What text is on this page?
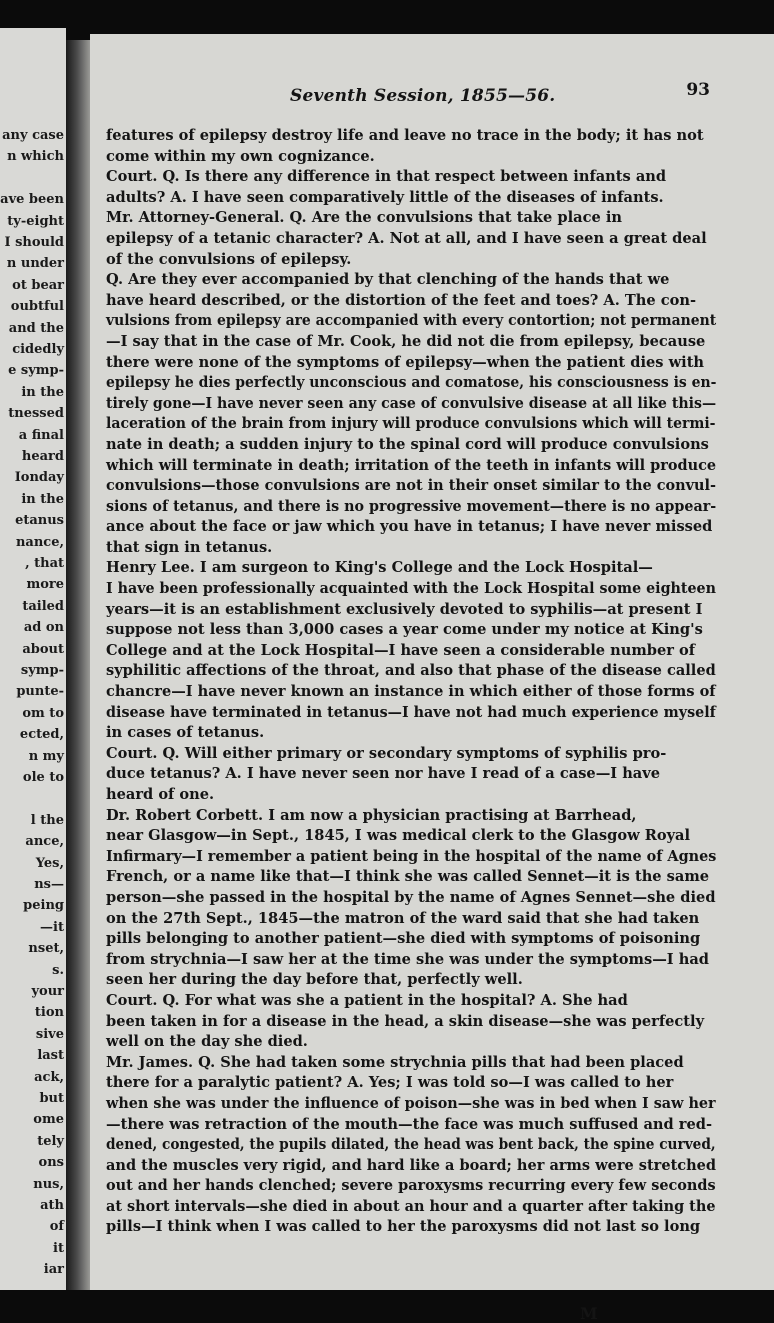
any case
n which
ave been
ty-eight
I should
n under
ot bear
oubtful
and the
cidedly
e symp-
in the
tnessed
a final
heard
Ionday
in the
etanus
nance,
, that
more
tailed
ad on
about
symp-
punte-
om to
ected,
n my
ole to
l the
ance,
Yes,
ns—
peing
—it
nset,
s.
your
tion
sive
last
ack,
but
ome
tely
ons
nus,
ath
of
it
iar
Seventh Session, 1855—56.	93
features of epilepsy destroy life and leave no trace in the body; it has not
come within my own cognizance.
Court. Q. Is there any difference in that respect between infants and
adults? A. I have seen comparatively little of the diseases of infants.
Mr. Attorney-General. Q. Are the convulsions that take place in
epilepsy of a tetanic character? A. Not at all, and I have seen a great deal
of the convulsions of epilepsy.
Q. Are they ever accompanied by that clenching of the hands that we
have heard described, or the distortion of the feet and toes? A. The con-
vulsions from epilepsy are accompanied with every contortion; not permanent
—I say that in the case of Mr. Cook, he did not die from epilepsy, because
there were none of the symptoms of epilepsy—when the patient dies with
epilepsy he dies perfectly unconscious and comatose, his consciousness is en-
tirely gone—I have never seen any case of convulsive disease at all like this—
laceration of the brain from injury will produce convulsions which will termi-
nate in death; a sudden injury to the spinal cord will produce convulsions
which will terminate in death; irritation of the teeth in infants will produce
convulsions—those convulsions are not in their onset similar to the convul-
sions of tetanus, and there is no progressive movement—there is no appear-
ance about the face or jaw which you have in tetanus; I have never missed
that sign in tetanus.
Henry Lee. I am surgeon to King's College and the Lock Hospital—
I have been professionally acquainted with the Lock Hospital some eighteen
years—it is an establishment exclusively devoted to syphilis—at present I
suppose not less than 3,000 cases a year come under my notice at King's
College and at the Lock Hospital—I have seen a considerable number of
syphilitic affections of the throat, and also that phase of the disease called
chancre—I have never known an instance in which either of those forms of
disease have terminated in tetanus—I have not had much experience myself
in cases of tetanus.
Court. Q. Will either primary or secondary symptoms of syphilis pro-
duce tetanus? A. I have never seen nor have I read of a case—I have
heard of one.
Dr. Robert Corbett. I am now a physician practising at Barrhead,
near Glasgow—in Sept., 1845, I was medical clerk to the Glasgow Royal
Infirmary—I remember a patient being in the hospital of the name of Agnes
French, or a name like that—I think she was called Sennet—it is the same
person—she passed in the hospital by the name of Agnes Sennet—she died
on the 27th Sept., 1845—the matron of the ward said that she had taken
pills belonging to another patient—she died with symptoms of poisoning
from strychnia—I saw her at the time she was under the symptoms—I had
seen her during the day before that, perfectly well.
Court. Q. For what was she a patient in the hospital? A. She had
been taken in for a disease in the head, a skin disease—she was perfectly
well on the day she died.
Mr. James. Q. She had taken some strychnia pills that had been placed
there for a paralytic patient? A. Yes; I was told so—I was called to her
when she was under the influence of poison—she was in bed when I saw her
—there was retraction of the mouth—the face was much suffused and red-
dened, congested, the pupils dilated, the head was bent back, the spine curved,
and the muscles very rigid, and hard like a board; her arms were stretched
out and her hands clenched; severe paroxysms recurring every few seconds
at short intervals—she died in about an hour and a quarter after taking the
pills—I think when I was called to her the paroxysms did not last so long
M
